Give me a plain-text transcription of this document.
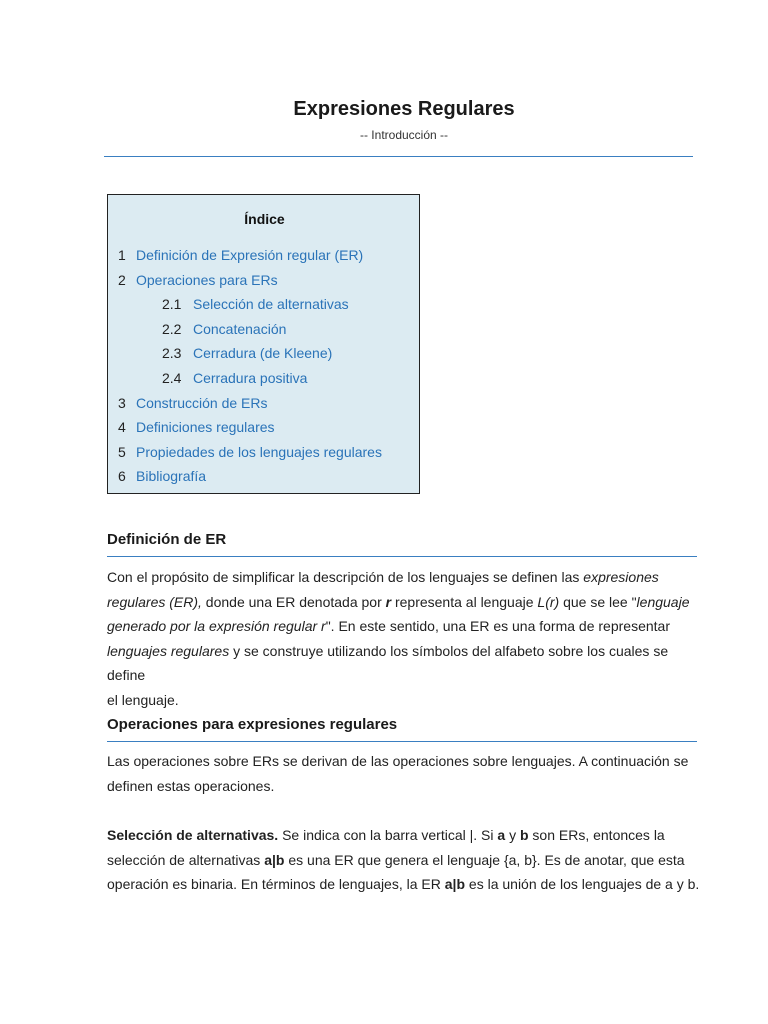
Expresiones Regulares
-- Introducción --
Índice
1 Definición de Expresión regular (ER)
2 Operaciones para ERs
2.1 Selección de alternativas
2.2 Concatenación
2.3 Cerradura (de Kleene)
2.4 Cerradura positiva
3 Construcción de ERs
4 Definiciones regulares
5 Propiedades de los lenguajes regulares
6 Bibliografía
Definición de ER

Con el propósito de simplificar la descripción de los lenguajes se definen las expresiones
regulares (ER), donde una ER denotada por r representa al lenguaje L(r) que se lee "lenguaje
generado por la expresión regular r". En este sentido, una ER es una forma de representar
lenguajes regulares y se construye utilizando los símbolos del alfabeto sobre los cuales se define
el lenguaje.

Operaciones para expresiones regulares

Las operaciones sobre ERs se derivan de las operaciones sobre lenguajes. A continuación se
definen estas operaciones.

Selección de alternativas. Se indica con la barra vertical |. Si a y b son ERs, entonces la
selección de alternativas a|b es una ER que genera el lenguaje {a, b}. Es de anotar, que esta
operación es binaria. En términos de lenguajes, la ER a|b es la unión de los lenguajes de a y b.
